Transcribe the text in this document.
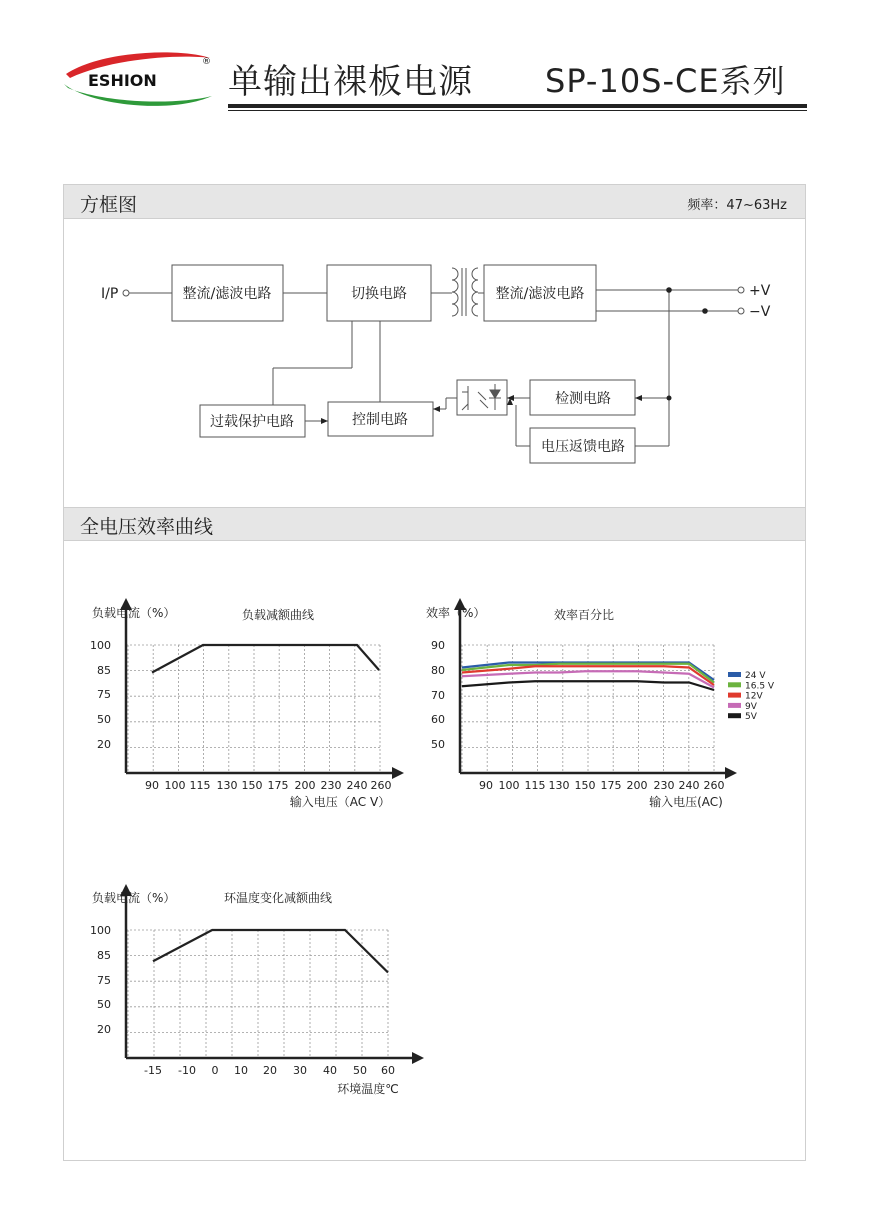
ESHION
® 单输出裸板电源 SP-10S-CE系列
方框图	频率：47~63Hz
全电压效率曲线
I/P	+V
−V
整流/滤波电路	切换电路	整流/滤波电路
检测电路
过载保护电路	控制电路
电压返馈电路
90 100 115 130 150 175 200 230 240 260
100
85
75
50
20
负载减额曲线
负载电流（%）
输入电压（AC V）
90 100 115 130 150 175 200 230 240 260
90
80
70
60
50
效率百分比
效率（%）
输入电压(AC)
24 V
16.5 V
12V
9V
5V
-15 -10 0 10 20 30 40 50 60
100
85
75
50
20
环温度变化减额曲线
负载电流（%）
环境温度℃
